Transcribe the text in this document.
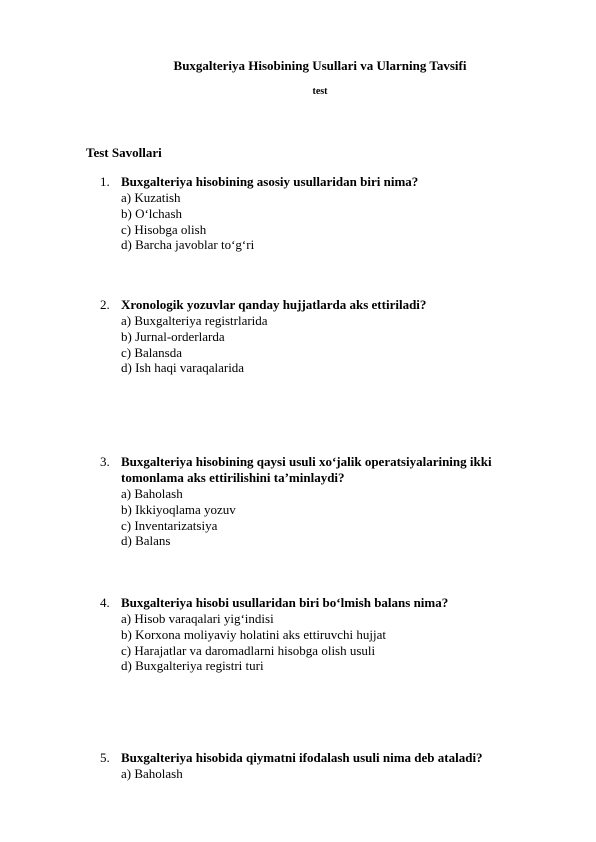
Buxgalteriya Hisobining Usullari va Ularning Tavsifi
test
Test Savollari
1. Buxgalteriya hisobining asosiy usullaridan biri nima?
a) Kuzatish
b) O‘lchash
c) Hisobga olish
d) Barcha javoblar to‘g‘ri
2. Xronologik yozuvlar qanday hujjatlarda aks ettiriladi?
a) Buxgalteriya registrlarida
b) Jurnal-orderlarda
c) Balansda
d) Ish haqi varaqalarida
3. Buxgalteriya hisobining qaysi usuli xo‘jalik operatsiyalarining ikki tomonlama aks ettirilishini ta’minlaydi?
a) Baholash
b) Ikkiyoqlama yozuv
c) Inventarizatsiya
d) Balans
4. Buxgalteriya hisobi usullaridan biri bo‘lmish balans nima?
a) Hisob varaqalari yig‘indisi
b) Korxona moliyaviy holatini aks ettiruvchi hujjat
c) Harajatlar va daromadlarni hisobga olish usuli
d) Buxgalteriya registri turi
5. Buxgalteriya hisobida qiymatni ifodalash usuli nima deb ataladi?
a) Baholash
